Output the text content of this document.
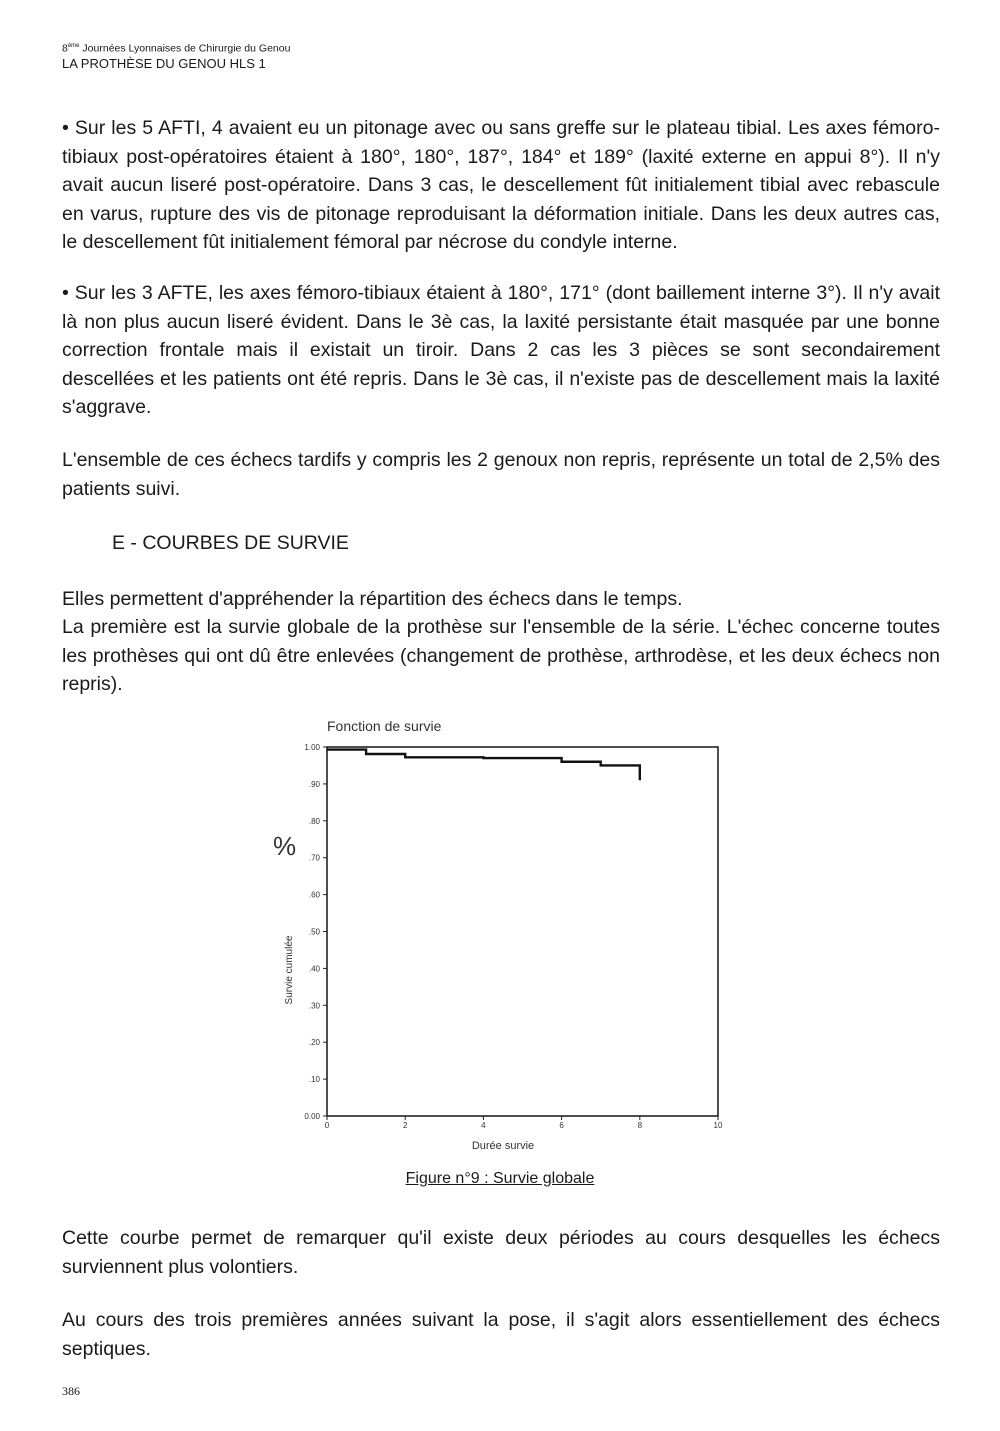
8ème Journées Lyonnaises de Chirurgie du Genou
LA PROTHÈSE DU GENOU HLS 1

• Sur les 5 AFTI, 4 avaient eu un pitonage avec ou sans greffe sur le plateau tibial. Les axes fémoro-tibiaux post-opératoires étaient à 180°, 180°, 187°, 184° et 189° (laxité externe en appui 8°). Il n'y avait aucun liseré post-opératoire. Dans 3 cas, le descellement fût initialement tibial avec rebascule en varus, rupture des vis de pitonage reproduisant la déformation initiale. Dans les deux autres cas, le descellement fût initialement fémoral par nécrose du condyle interne.

• Sur les 3 AFTE, les axes fémoro-tibiaux étaient à 180°, 171° (dont baillement interne 3°). Il n'y avait là non plus aucun liseré évident. Dans le 3è cas, la laxité persistante était masquée par une bonne correction frontale mais il existait un tiroir. Dans 2 cas les 3 pièces se sont secondairement descellées et les patients ont été repris. Dans le 3è cas, il n'existe pas de descellement mais la laxité s'aggrave.

L'ensemble de ces échecs tardifs y compris les 2 genoux non repris, représente un total de 2,5% des patients suivi.

E - COURBES DE SURVIE

Elles permettent d'appréhender la répartition des échecs dans le temps.

La première est la survie globale de la prothèse sur l'ensemble de la série. L'échec concerne toutes les prothèses qui ont dû être enlevées (changement de prothèse, arthrodèse, et les deux échecs non repris).

Fonction de survie
%
Survie cumulée
Durée survie
0.00
.10
.20
.30
.40
.50
.60
.70
.80
.90
1.00
0	2	4	6	8	10
Figure n°9 : Survie globale

Cette courbe permet de remarquer qu'il existe deux périodes au cours desquelles les échecs surviennent plus volontiers.

Au cours des trois premières années suivant la pose, il s'agit alors essentiellement des échecs septiques.

386
